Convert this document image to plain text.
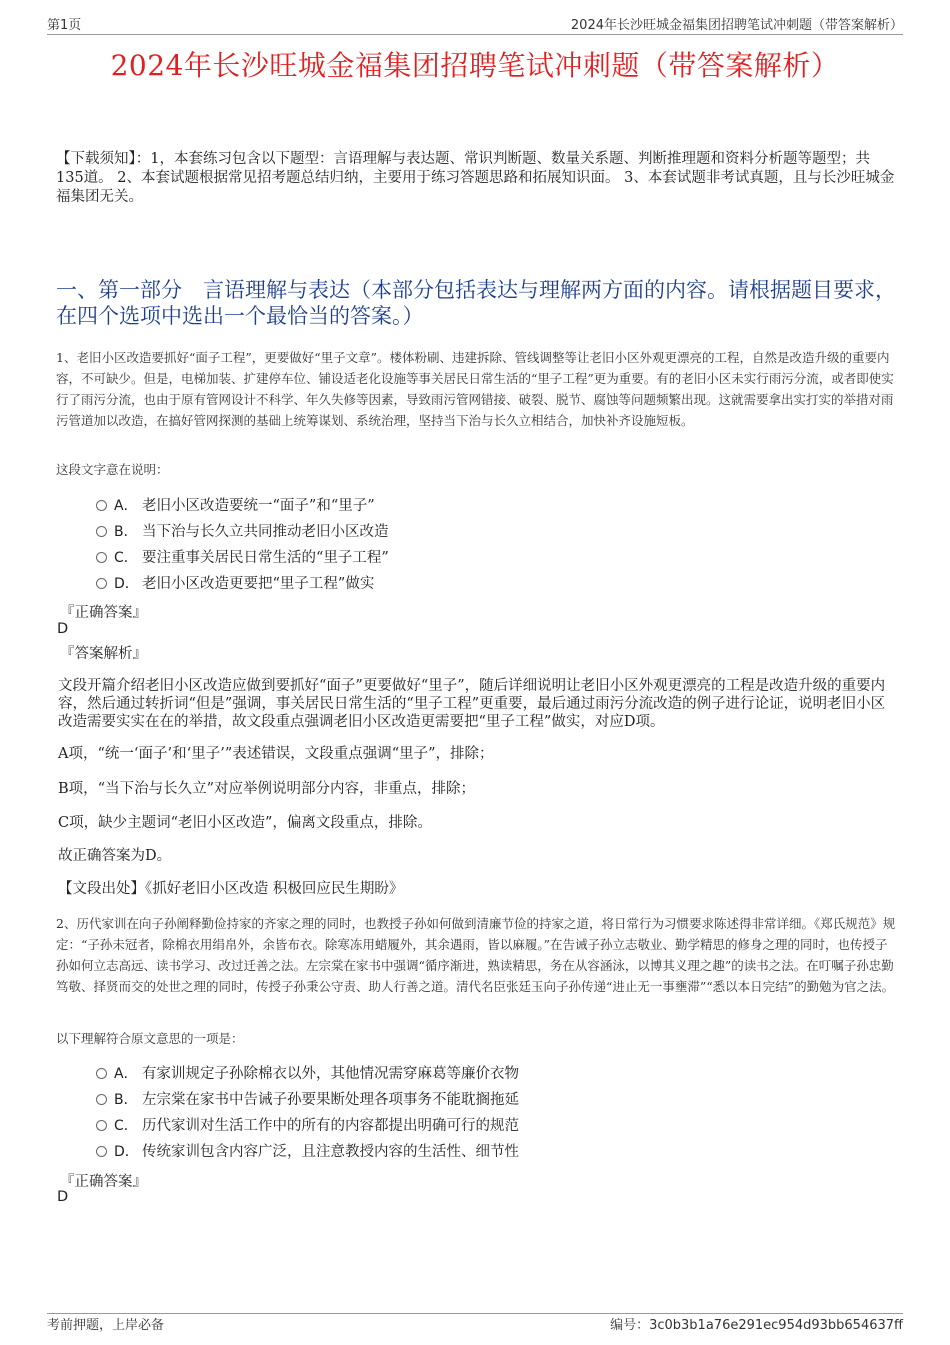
第1页	2024年长沙旺城金福集团招聘笔试冲刺题（带答案解析）
2024年长沙旺城金福集团招聘笔试冲刺题（带答案解析）
【下载须知】：1，本套练习包含以下题型：言语理解与表达题、常识判断题、数量关系题、判断推理题和资料分析题等题型；共135道。 2、本套试题根据常见招考题总结归纳，主要用于练习答题思路和拓展知识面。 3、本套试题非考试真题，且与长沙旺城金福集团无关。
一、第一部分　言语理解与表达（本部分包括表达与理解两方面的内容。请根据题目要求，在四个选项中选出一个最恰当的答案。）
1、老旧小区改造要抓好“面子工程”，更要做好“里子文章”。楼体粉刷、违建拆除、管线调整等让老旧小区外观更漂亮的工程，自然是改造升级的重要内容，不可缺少。但是，电梯加装、扩建停车位、铺设适老化设施等事关居民日常生活的“里子工程”更为重要。有的老旧小区未实行雨污分流，或者即使实行了雨污分流，也由于原有管网设计不科学、年久失修等因素，导致雨污管网错接、破裂、脱节、腐蚀等问题频繁出现。这就需要拿出实打实的举措对雨污管道加以改造，在搞好管网探测的基础上统筹谋划、系统治理，坚持当下治与长久立相结合，加快补齐设施短板。
这段文字意在说明：
A． 老旧小区改造要统一“面子”和“里子”
B． 当下治与长久立共同推动老旧小区改造
C． 要注重事关居民日常生活的“里子工程”
D． 老旧小区改造更要把“里子工程”做实
『正确答案』
D
『答案解析』
文段开篇介绍老旧小区改造应做到要抓好“面子”更要做好“里子”，随后详细说明让老旧小区外观更漂亮的工程是改造升级的重要内容，然后通过转折词“但是”强调，事关居民日常生活的“里子工程”更重要，最后通过雨污分流改造的例子进行论证，说明老旧小区改造需要实实在在的举措，故文段重点强调老旧小区改造更需要把“里子工程”做实，对应D项。
A项，“统一‘面子’和‘里子’”表述错误，文段重点强调“里子”，排除；
B项，“当下治与长久立”对应举例说明部分内容，非重点，排除；
C项，缺少主题词“老旧小区改造”，偏离文段重点，排除。
故正确答案为D。
【文段出处】《抓好老旧小区改造 积极回应民生期盼》
2、历代家训在向子孙阐释勤俭持家的齐家之理的同时，也教授子孙如何做到清廉节俭的持家之道，将日常行为习惯要求陈述得非常详细。《郑氏规范》规定：“子孙未冠者，除棉衣用绢帛外，余皆布衣。除寒冻用蜡履外，其余遇雨，皆以麻履。”在告诫子孙立志敬业、勤学精思的修身之理的同时，也传授子孙如何立志高远、读书学习、改过迁善之法。左宗棠在家书中强调“循序渐进，熟读精思，务在从容涵泳，以博其义理之趣”的读书之法。在叮嘱子孙忠勤笃敬、择贤而交的处世之理的同时，传授子孙秉公守责、助人行善之道。清代名臣张廷玉向子孙传递“进止无一事壅滞”“悉以本日完结”的勤勉为官之法。
以下理解符合原文意思的一项是：
A． 有家训规定子孙除棉衣以外，其他情况需穿麻葛等廉价衣物
B． 左宗棠在家书中告诫子孙要果断处理各项事务不能耽搁拖延
C． 历代家训对生活工作中的所有的内容都提出明确可行的规范
D． 传统家训包含内容广泛，且注意教授内容的生活性、细节性
『正确答案』
D
考前押题，上岸必备	编号：3c0b3b1a76e291ec954d93bb654637ff
